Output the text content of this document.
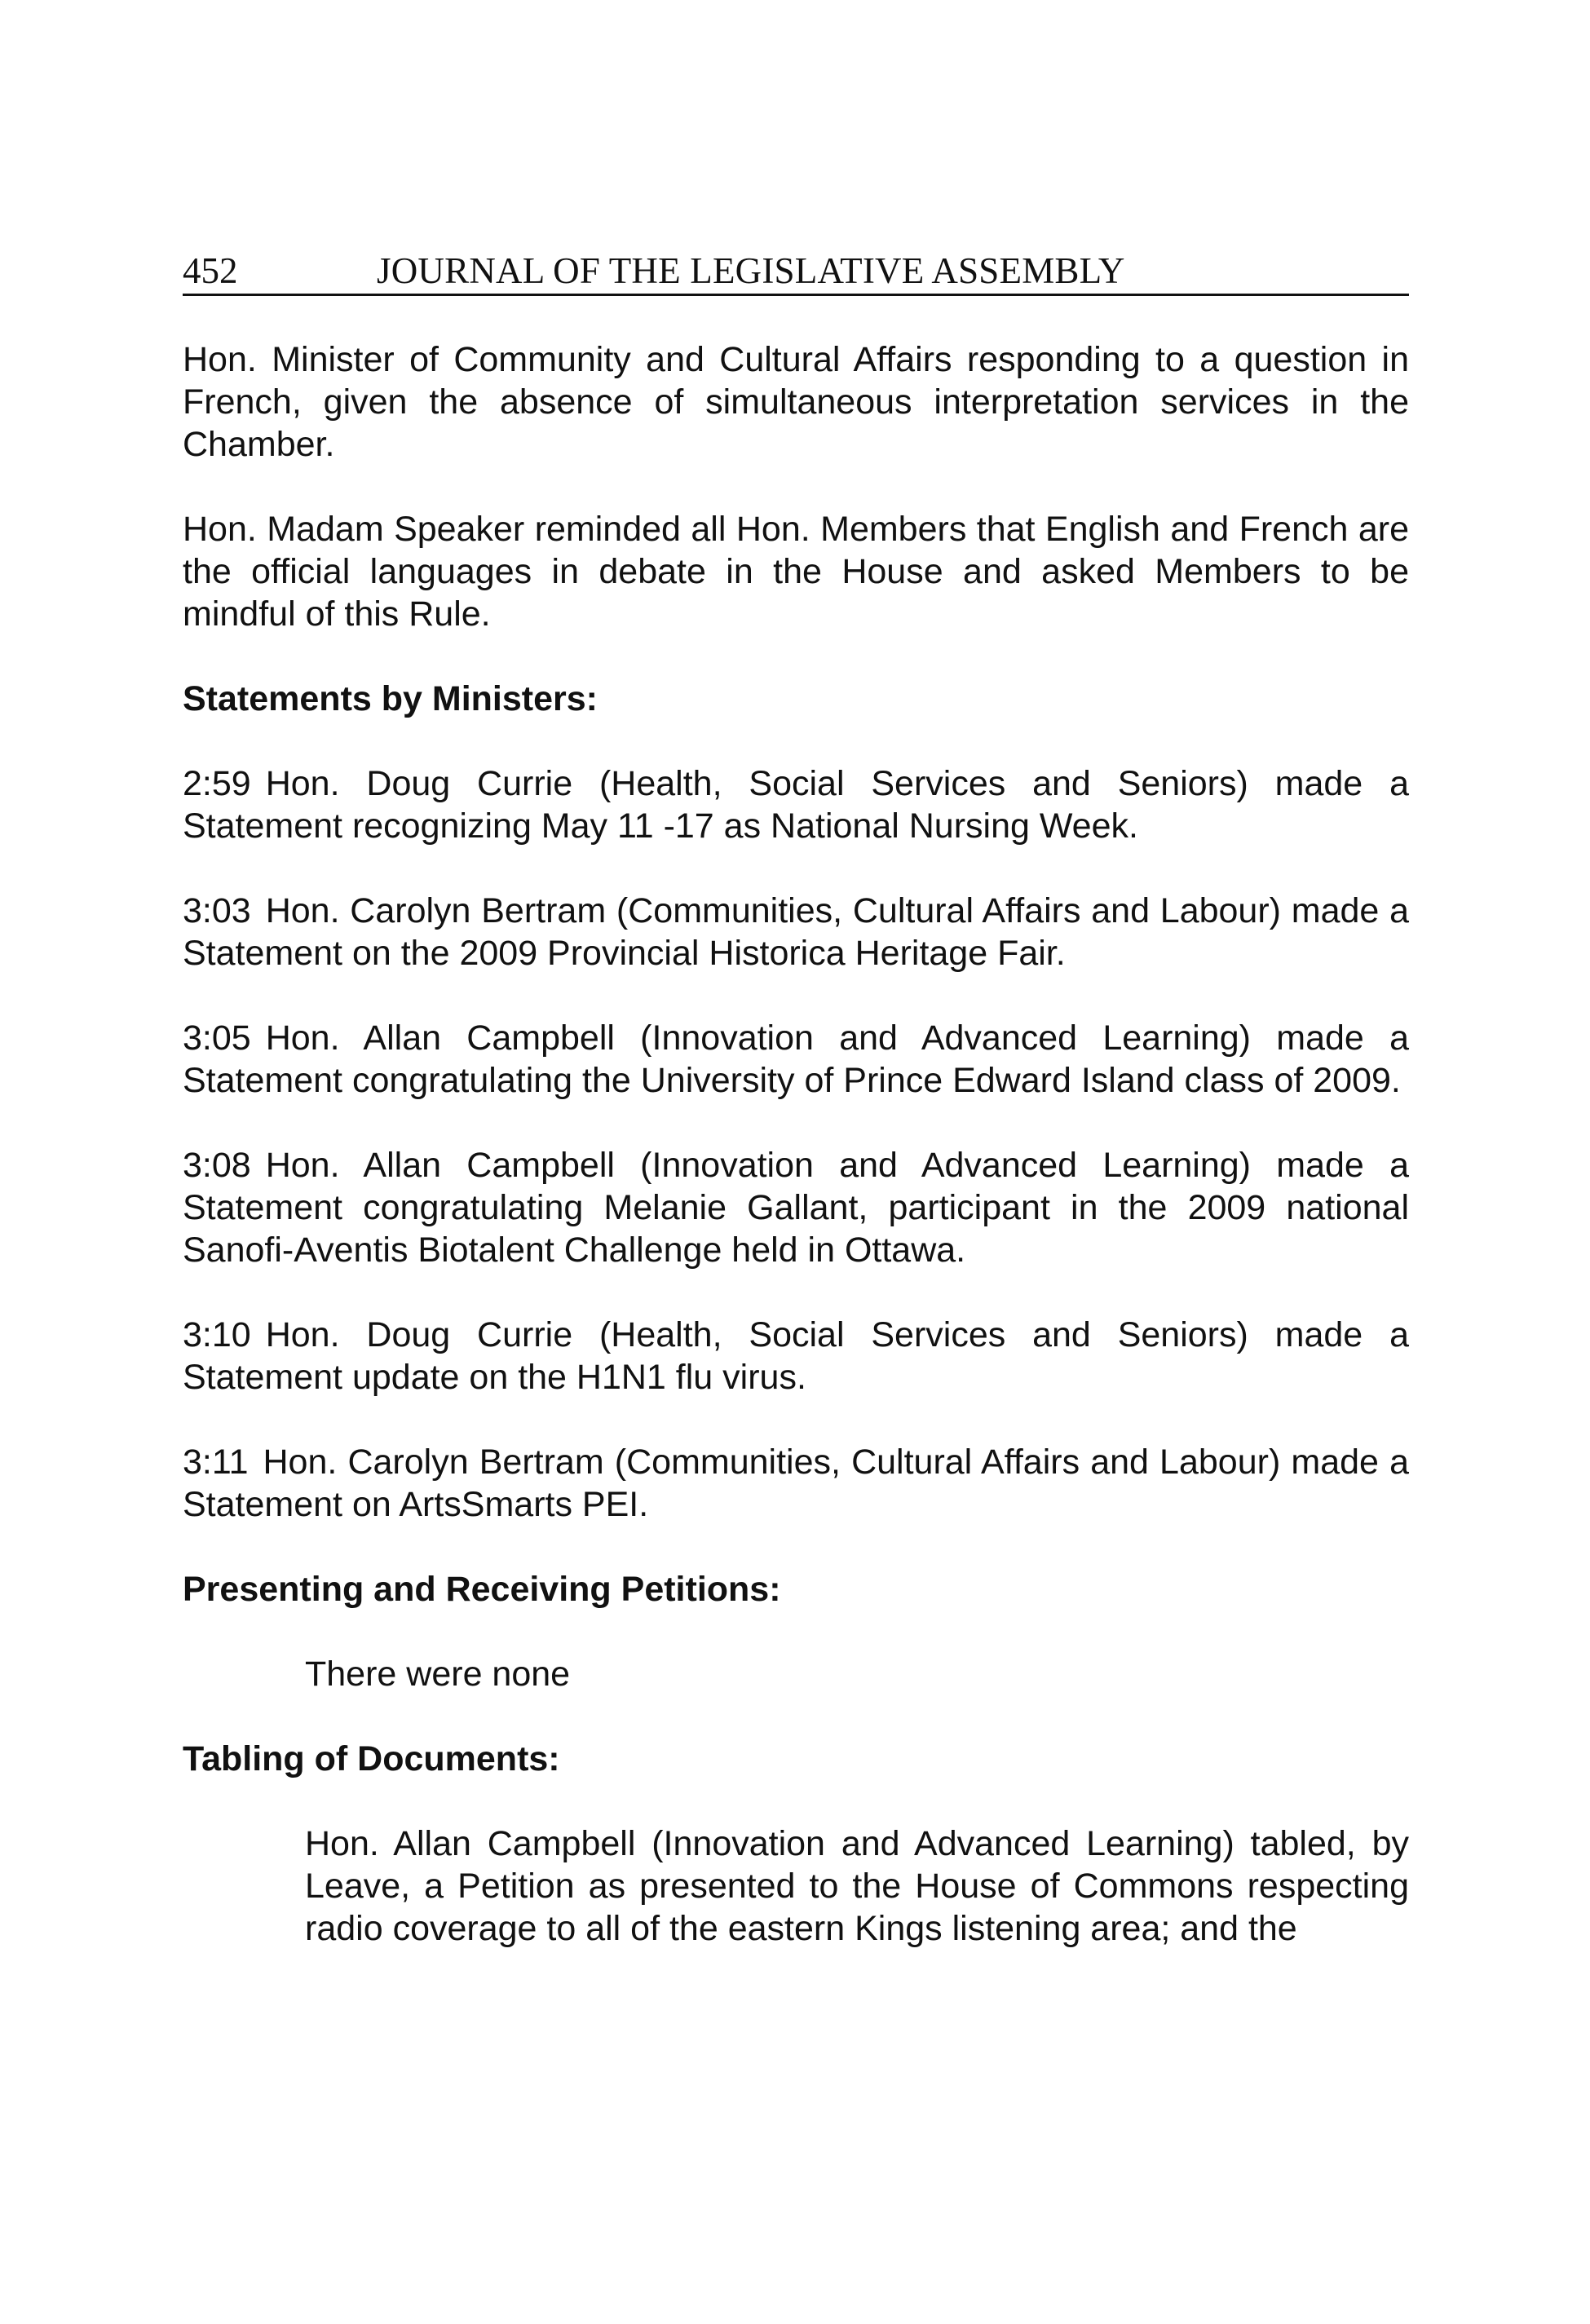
452	JOURNAL OF THE LEGISLATIVE ASSEMBLY

Hon. Minister of Community and Cultural Affairs responding to a question in French, given the absence of simultaneous interpretation services in the Chamber.

Hon. Madam Speaker reminded all Hon. Members that English and French are the official languages in debate in the House and asked Members to be mindful of this Rule.

Statements by Ministers:

2:59 Hon. Doug Currie (Health, Social Services and Seniors) made a Statement recognizing May 11 -17 as National Nursing Week.

3:03 Hon. Carolyn Bertram (Communities, Cultural Affairs and Labour) made a Statement on the 2009 Provincial Historica Heritage Fair.

3:05 Hon. Allan Campbell (Innovation and Advanced Learning) made a Statement congratulating the University of Prince Edward Island class of 2009.

3:08 Hon. Allan Campbell (Innovation and Advanced Learning) made a Statement congratulating Melanie Gallant, participant in the 2009 national Sanofi-Aventis Biotalent Challenge held in Ottawa.

3:10 Hon. Doug Currie (Health, Social Services and Seniors) made a Statement update on the H1N1 flu virus.

3:11 Hon. Carolyn Bertram (Communities, Cultural Affairs and Labour) made a Statement on ArtsSmarts PEI.

Presenting and Receiving Petitions:

There were none

Tabling of Documents:

Hon. Allan Campbell (Innovation and Advanced Learning) tabled, by Leave, a Petition as presented to the House of Commons respecting radio coverage to all of the eastern Kings listening area; and the
